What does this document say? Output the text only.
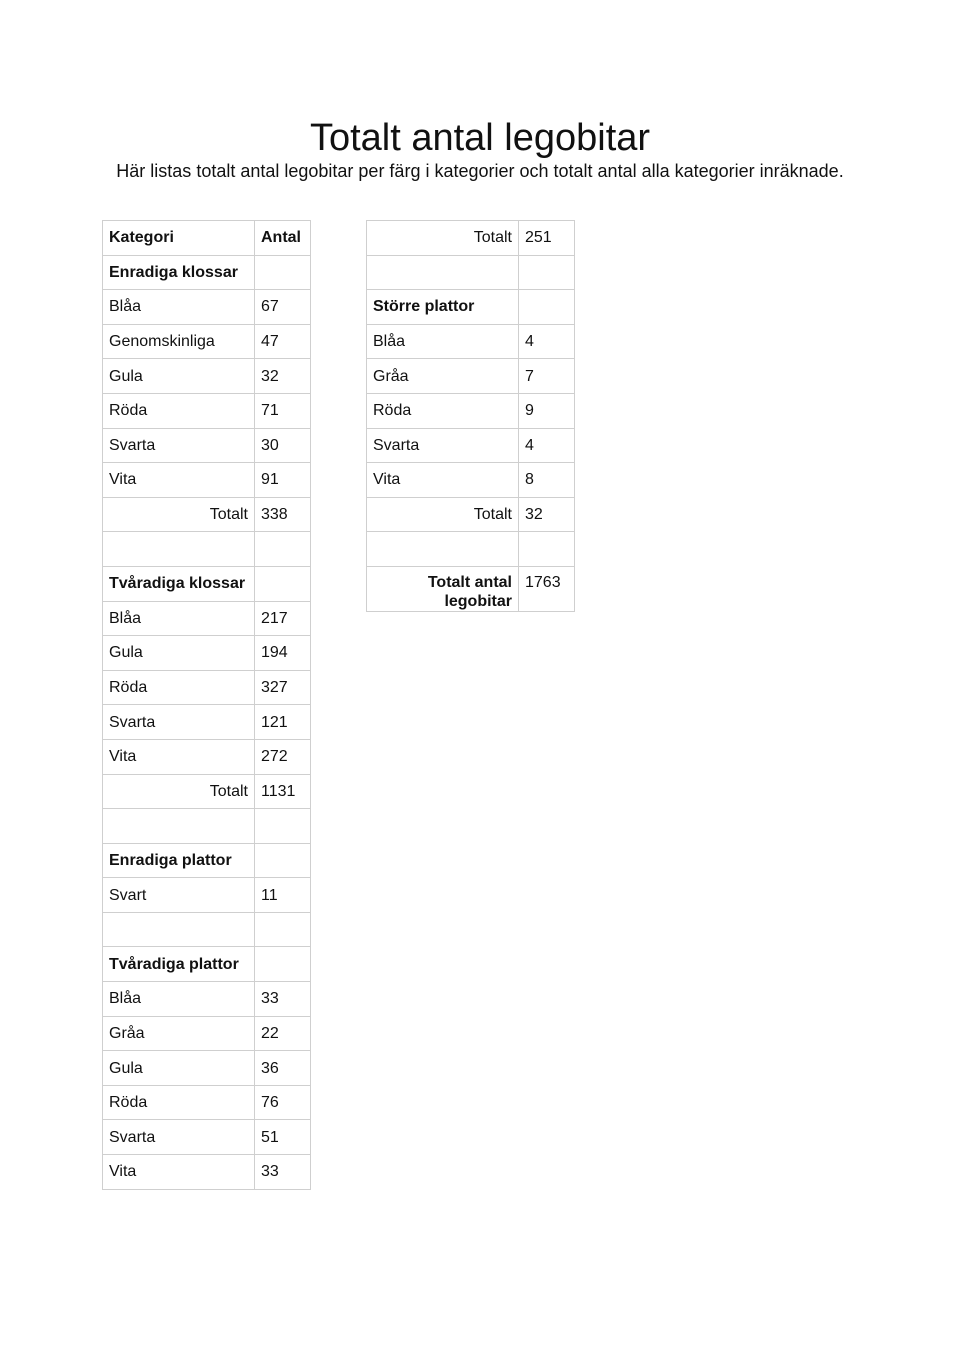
Totalt antal legobitar

Här listas totalt antal legobitar per färg i kategorier och totalt antal alla kategorier inräknade.

Kategori	Antal
Enradiga klossar	
Blåa	67
Genomskinliga	47
Gula	32
Röda	71
Svarta	30
Vita	91
Totalt	338

Tvåradiga klossar	
Blåa	217
Gula	194
Röda	327
Svarta	121
Vita	272
Totalt	1131

Enradiga plattor	
Svart	11

Tvåradiga plattor	
Blåa	33
Gråa	22
Gula	36
Röda	76
Svarta	51
Vita	33
Totalt	251

Större plattor	
Blåa	4
Gråa	7
Röda	9
Svarta	4
Vita	8
Totalt	32

Totalt antal legobitar	1763
